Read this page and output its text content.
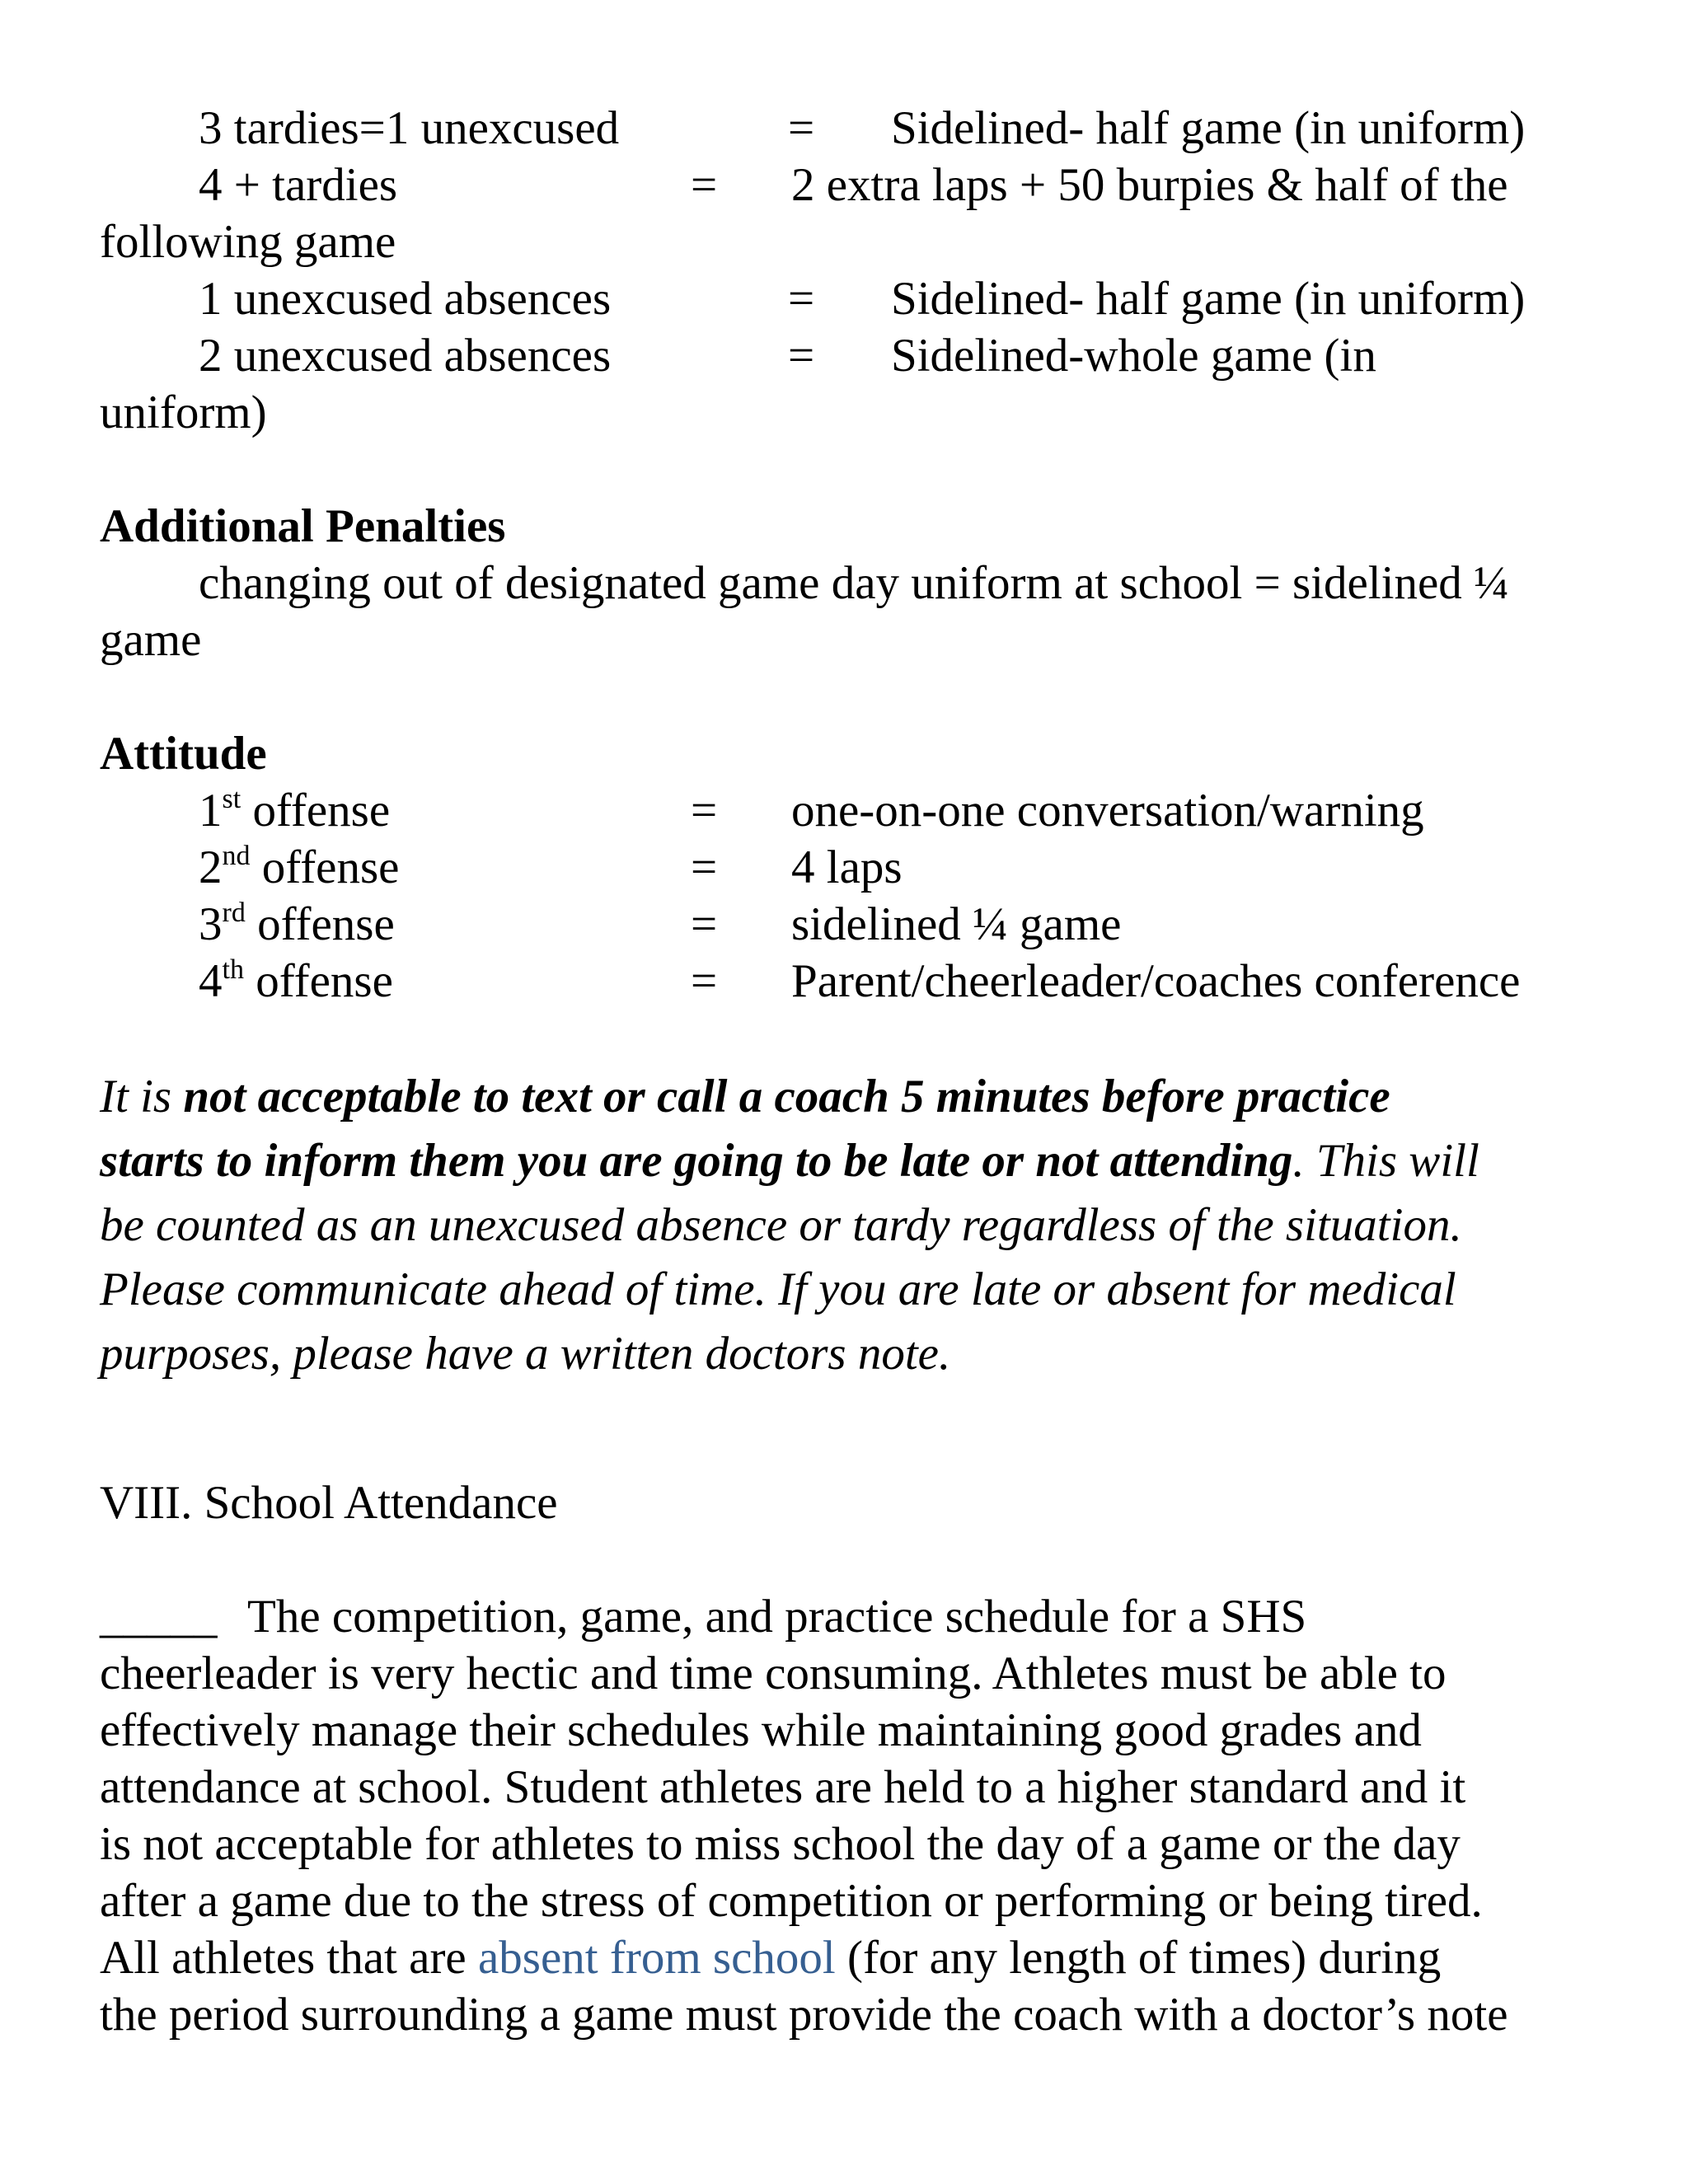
3 tardies=1 unexcused	= Sidelined- half game (in uniform)
4 + tardies	= 2 extra laps + 50 burpies & half of the
following game
1 unexcused absences	= Sidelined- half game (in uniform)
2 unexcused absences	= Sidelined-whole game (in
uniform)
Additional Penalties
changing out of designated game day uniform at school = sidelined ¼
game
Attitude
1st offense	= one-on-one conversation/warning
2nd offense	= 4 laps
3rd offense	= sidelined ¼ game
4th offense	= Parent/cheerleader/coaches conference
It is not acceptable to text or call a coach 5 minutes before practice
starts to inform them you are going to be late or not attending. This will
be counted as an unexcused absence or tardy regardless of the situation.
Please communicate ahead of time. If you are late or absent for medical
purposes, please have a written doctors note.
VIII. School Attendance
_____ The competition, game, and practice schedule for a SHS
cheerleader is very hectic and time consuming. Athletes must be able to
effectively manage their schedules while maintaining good grades and
attendance at school. Student athletes are held to a higher standard and it
is not acceptable for athletes to miss school the day of a game or the day
after a game due to the stress of competition or performing or being tired.
All athletes that are absent from school (for any length of times) during
the period surrounding a game must provide the coach with a doctor’s note
